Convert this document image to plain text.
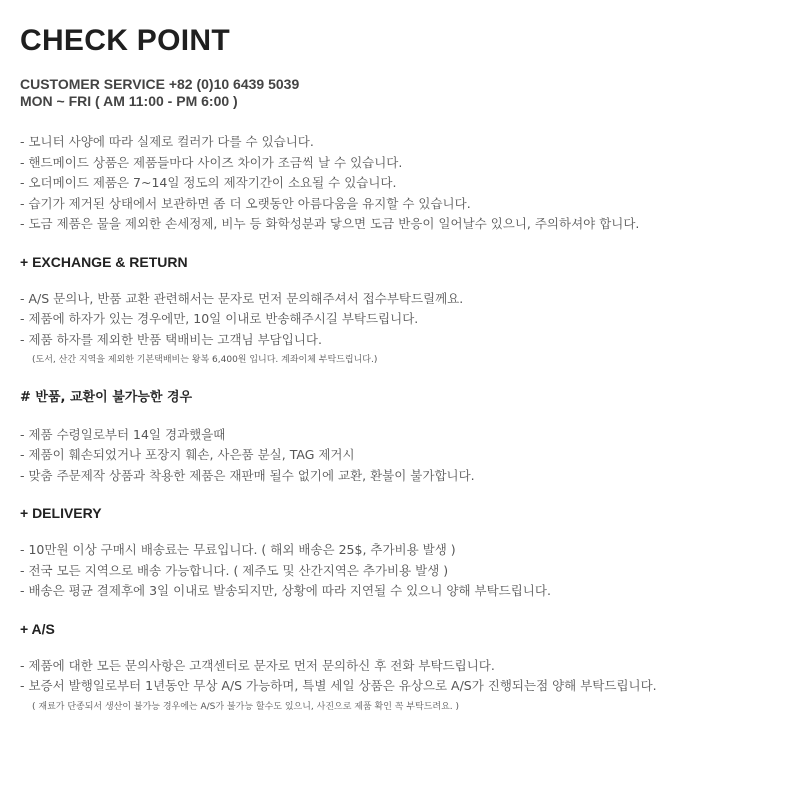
CHECK POINT
CUSTOMER SERVICE +82 (0)10 6439 5039
MON ~ FRI ( AM 11:00 - PM 6:00 )
- 모니터 사양에 따라 실제로 컬러가 다를 수 있습니다.
- 핸드메이드 상품은 제품들마다 사이즈 차이가 조금씩 날 수 있습니다.
- 오더메이드 제품은 7~14일 정도의 제작기간이 소요될 수 있습니다.
- 습기가 제거된 상태에서 보관하면 좀 더 오랫동안 아름다움을 유지할 수 있습니다.
- 도금 제품은 물을 제외한 손세정제, 비누 등 화학성분과 닿으면 도금 반응이 일어날수 있으니, 주의하셔야 합니다.
+ EXCHANGE & RETURN
- A/S 문의나, 반품 교환 관련해서는 문자로 먼저 문의해주셔서 접수부탁드릴께요.
- 제품에 하자가 있는 경우에만, 10일 이내로 반송해주시길 부탁드립니다.
- 제품 하자를 제외한 반품 택배비는 고객님 부담입니다.
(도서, 산간 지역을 제외한 기본택배비는 왕복 6,400원 입니다. 계좌이체 부탁드립니다.)
# 반품, 교환이 불가능한 경우
- 제품 수령일로부터 14일 경과했을때
- 제품이 훼손되었거나 포장지 훼손, 사은품 분실, TAG 제거시
- 맞춤 주문제작 상품과 착용한 제품은 재판매 될수 없기에 교환, 환불이 불가합니다.
+ DELIVERY
- 10만원 이상 구매시 배송료는 무료입니다. ( 해외 배송은 25$, 추가비용 발생 )
- 전국 모든 지역으로 배송 가능합니다. ( 제주도 및 산간지역은 추가비용 발생 )
- 배송은 평균 결제후에 3일 이내로 발송되지만, 상황에 따라 지연될 수 있으니 양해 부탁드립니다.
+ A/S
- 제품에 대한 모든 문의사항은 고객센터로 문자로 먼저 문의하신 후 전화 부탁드립니다.
- 보증서 발행일로부터 1년동안 무상 A/S 가능하며, 특별 세일 상품은 유상으로 A/S가 진행되는점 양해 부탁드립니다.
( 재료가 단종되서 생산이 불가능 경우에는 A/S가 불가능 할수도 있으니, 사진으로 제품 확인 꼭 부탁드려요. )
